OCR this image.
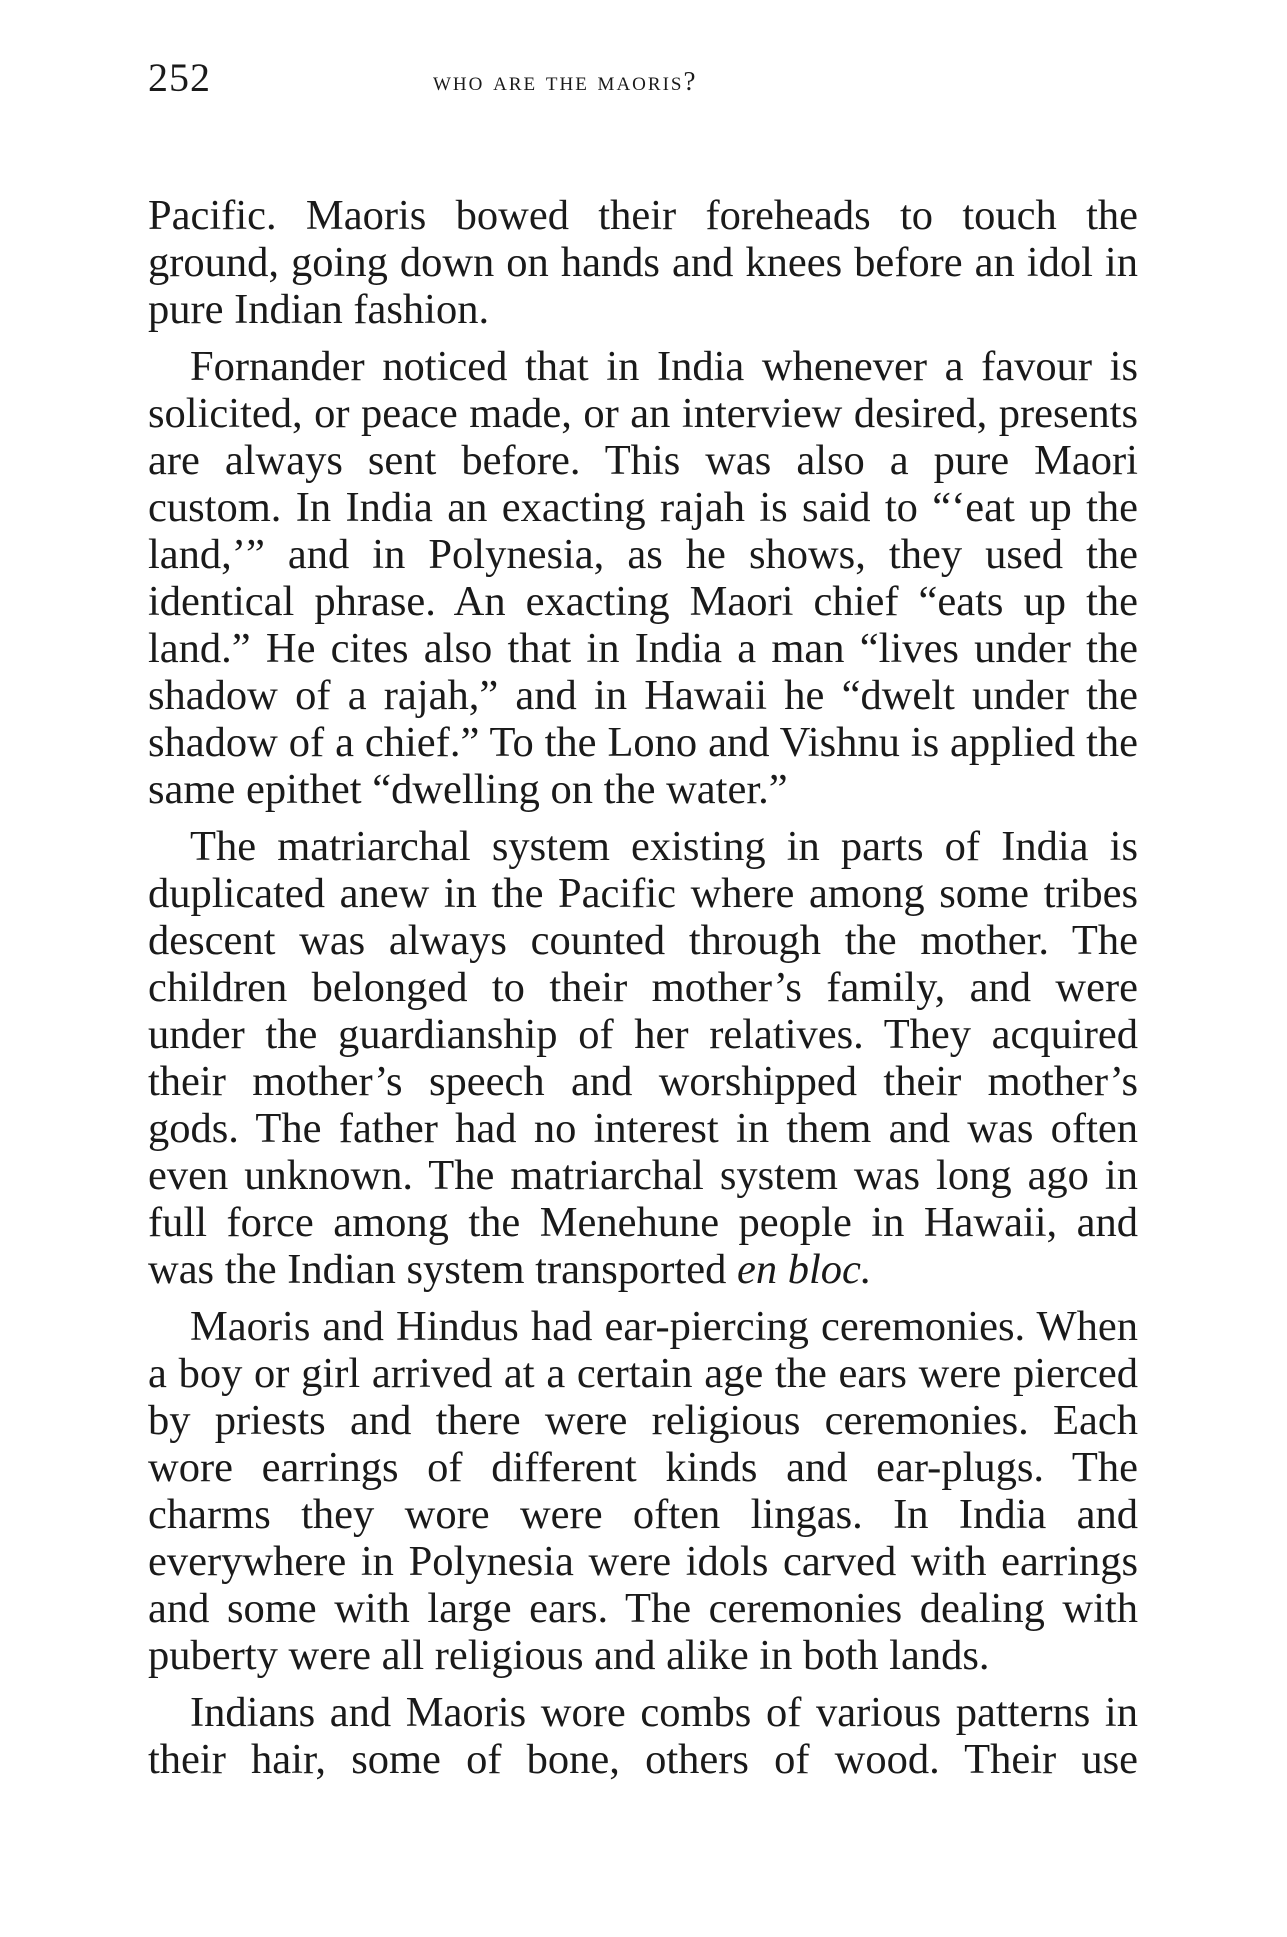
252	who are the maoris?

Pacific. Maoris bowed their foreheads to touch the ground, going down on hands and knees before an idol in pure Indian fashion.

Fornander noticed that in India whenever a favour is solicited, or peace made, or an interview desired, presents are always sent before. This was also a pure Maori custom. In India an exacting rajah is said to “‘eat up the land,’” and in Polynesia, as he shows, they used the identical phrase. An exacting Maori chief “eats up the land.” He cites also that in India a man “lives under the shadow of a rajah,” and in Hawaii he “dwelt under the shadow of a chief.” To the Lono and Vishnu is applied the same epithet “dwelling on the water.”

The matriarchal system existing in parts of India is duplicated anew in the Pacific where among some tribes descent was always counted through the mother. The children belonged to their mother’s family, and were under the guardianship of her relatives. They acquired their mother’s speech and worshipped their mother’s gods. The father had no interest in them and was often even unknown. The matriarchal system was long ago in full force among the Menehune people in Hawaii, and was the Indian system transported en bloc.

Maoris and Hindus had ear-piercing ceremonies. When a boy or girl arrived at a certain age the ears were pierced by priests and there were religious ceremonies. Each wore earrings of different kinds and ear-plugs. The charms they wore were often lingas. In India and everywhere in Polynesia were idols carved with earrings and some with large ears. The ceremonies dealing with puberty were all religious and alike in both lands.

Indians and Maoris wore combs of various patterns in their hair, some of bone, others of wood. Their use
